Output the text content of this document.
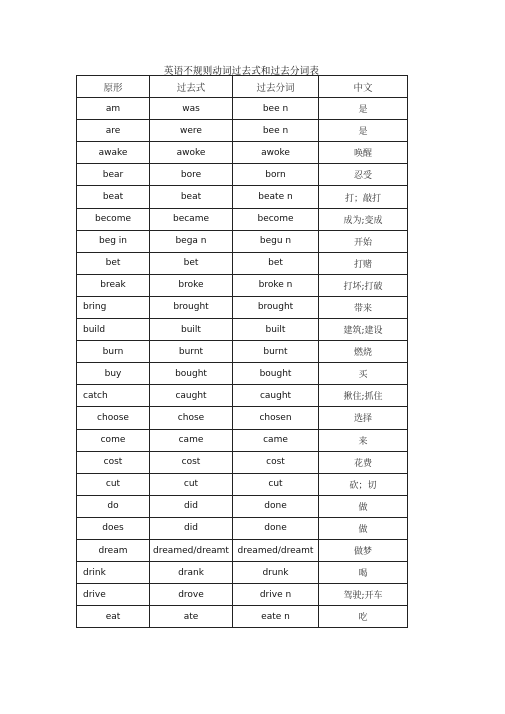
英语不规则动词过去式和过去分词表
原形	过去式	过去分词	中文
am	was	bee n	是
are	were	bee n	是
awake	awoke	awoke	唤醒
bear	bore	born	忍受
beat	beat	beate n	打；敲打
become	became	become	成为;变成
beg in	bega n	begu n	开始
bet	bet	bet	打赌
break	broke	broke n	打坏;打破
bring	brought	brought	带来
build	built	built	建筑;建设
burn	burnt	burnt	燃烧
buy	bought	bought	买
catch	caught	caught	揪住;抓住
choose	chose	chosen	选择
come	came	came	来
cost	cost	cost	花费
cut	cut	cut	砍；切
do	did	done	做
does	did	done	做
dream	dreamed/dreamt	dreamed/dreamt	做梦
drink	drank	drunk	喝
drive	drove	drive n	驾驶;开车
eat	ate	eate n	吃
